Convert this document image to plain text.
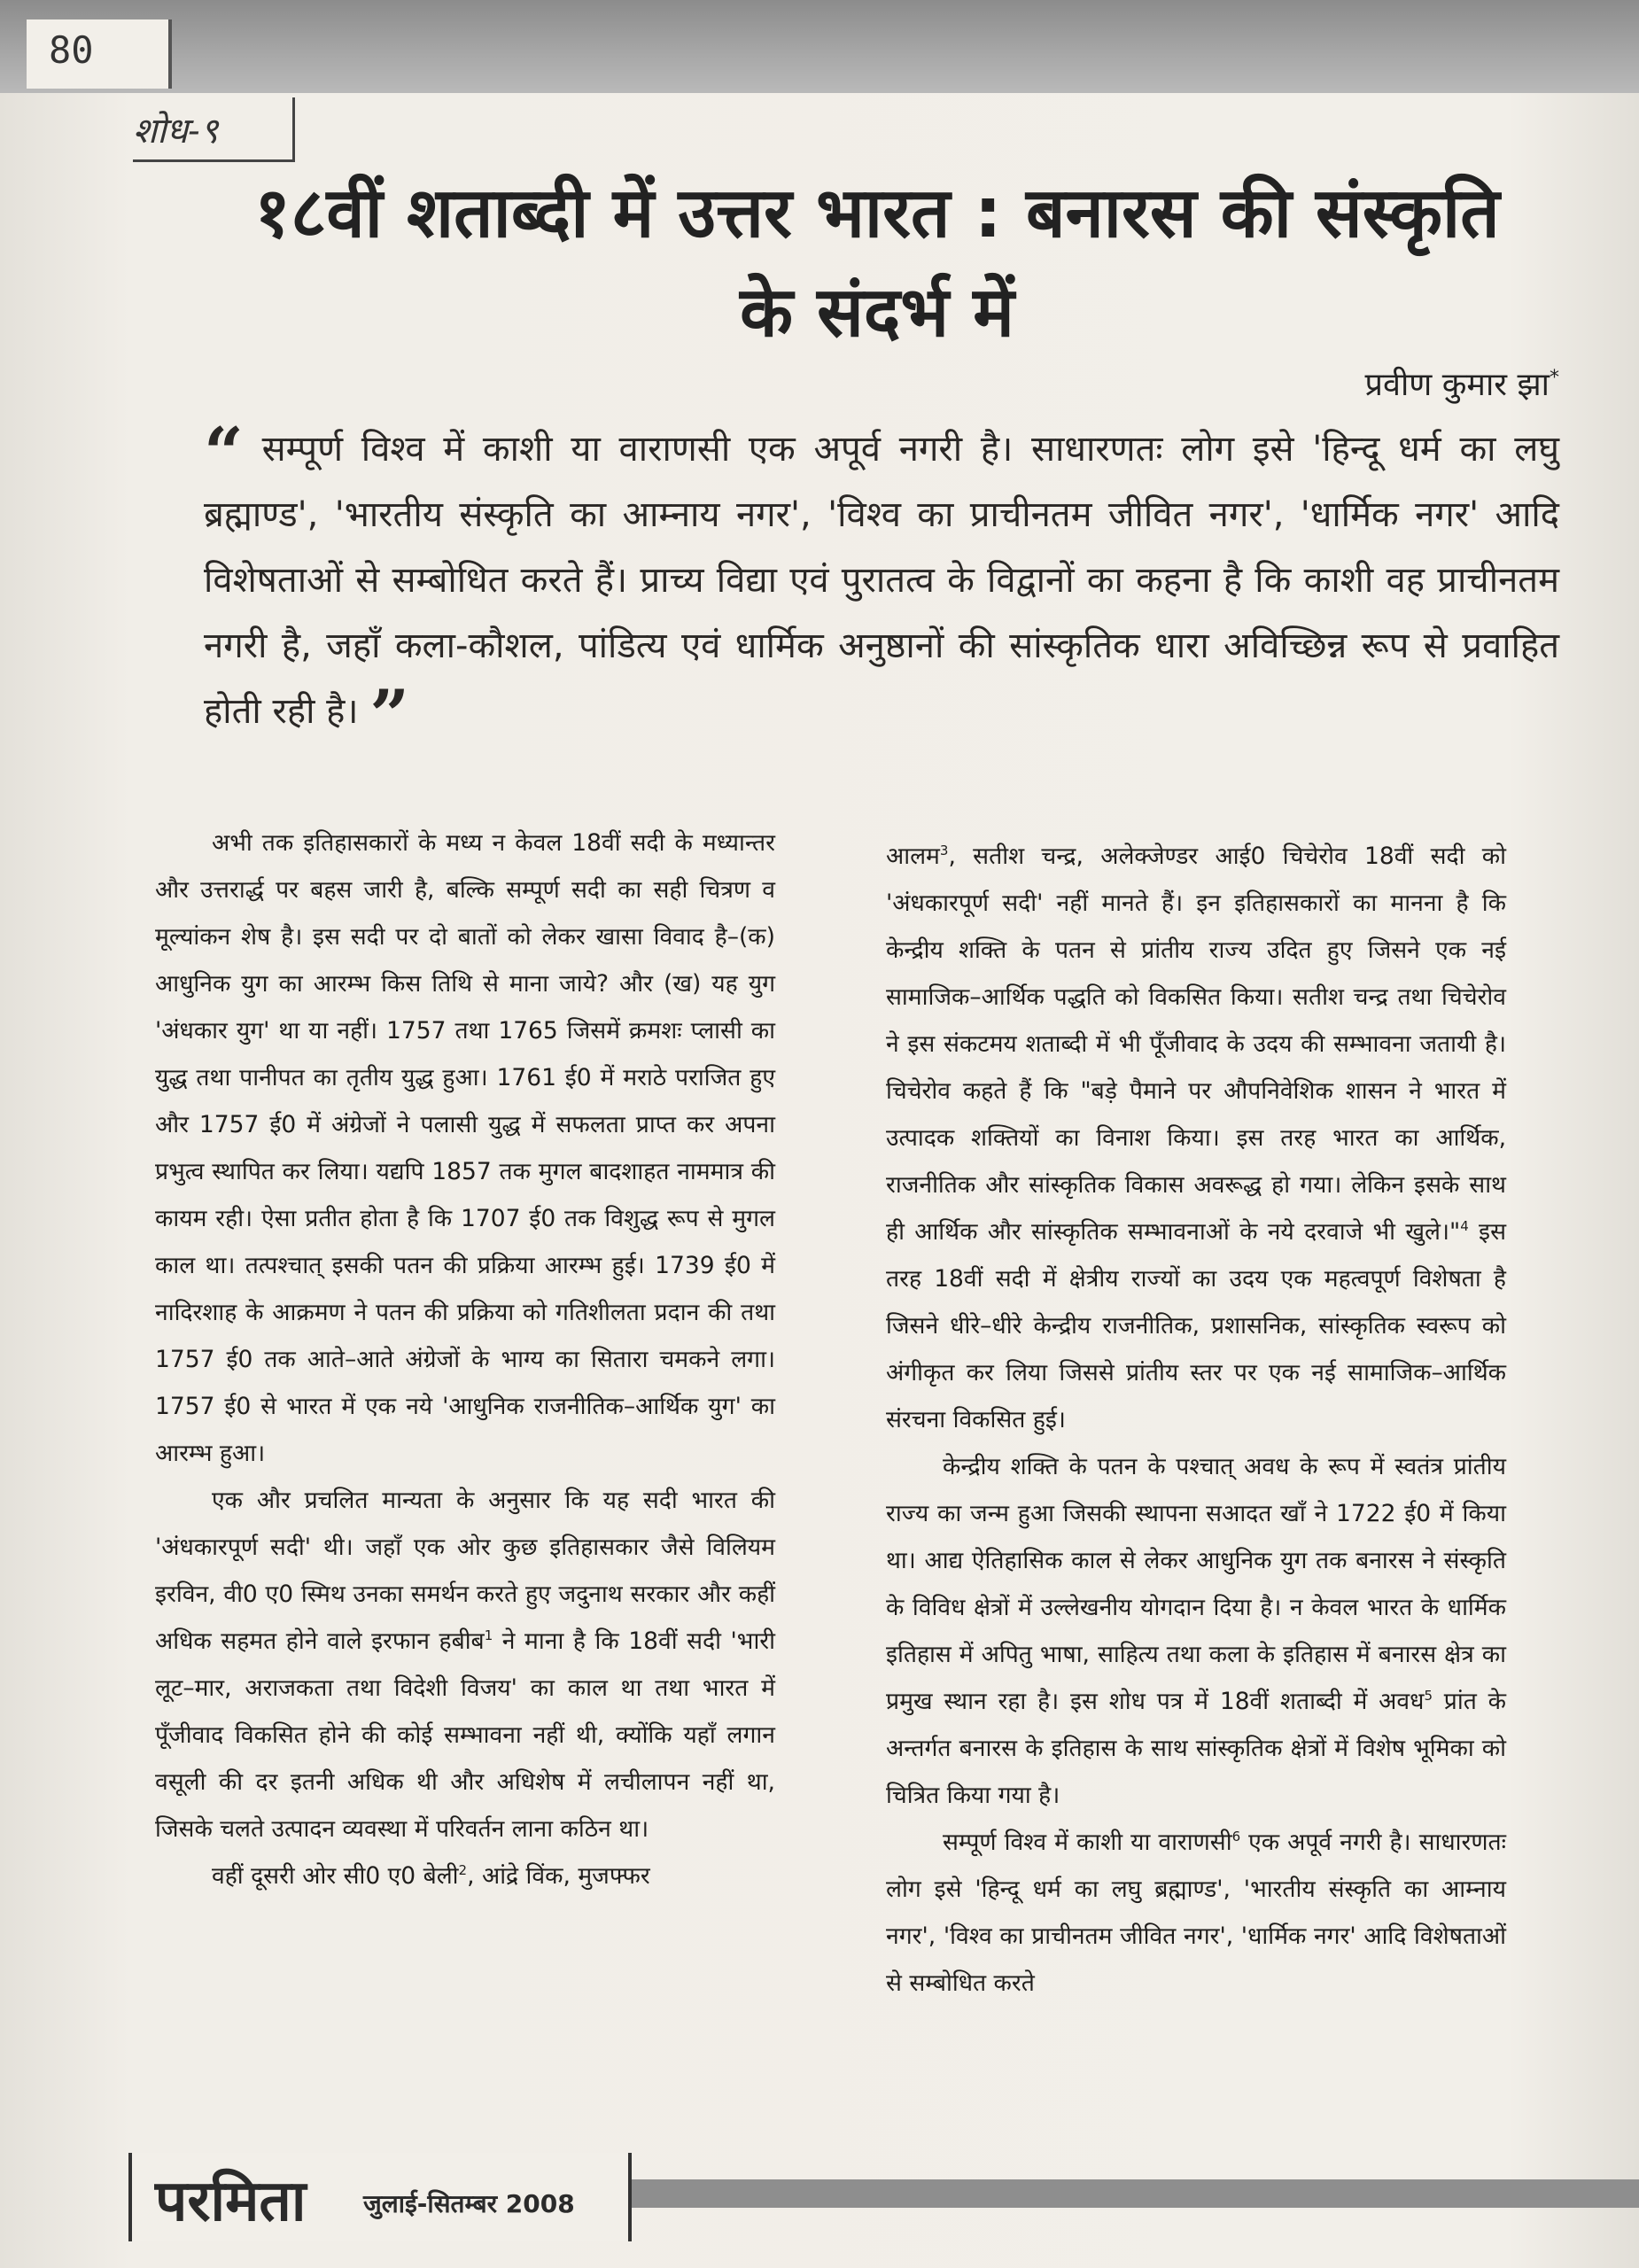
80
शोध-९
१८वीं शताब्दी में उत्तर भारत : बनारस की संस्कृति के संदर्भ में
प्रवीण कुमार झा*
“ सम्पूर्ण विश्व में काशी या वाराणसी एक अपूर्व नगरी है। साधारणतः लोग इसे 'हिन्दू धर्म का लघु ब्रह्माण्ड', 'भारतीय संस्कृति का आम्नाय नगर', 'विश्व का प्राचीनतम जीवित नगर', 'धार्मिक नगर' आदि विशेषताओं से सम्बोधित करते हैं। प्राच्य विद्या एवं पुरातत्व के विद्वानों का कहना है कि काशी वह प्राचीनतम नगरी है, जहाँ कला-कौशल, पांडित्य एवं धार्मिक अनुष्ठानों की सांस्कृतिक धारा अविच्छिन्न रूप से प्रवाहित होती रही है। ”

अभी तक इतिहासकारों के मध्य न केवल 18वीं सदी के मध्यान्तर और उत्तरार्द्ध पर बहस जारी है, बल्कि सम्पूर्ण सदी का सही चित्रण व मूल्यांकन शेष है। इस सदी पर दो बातों को लेकर खासा विवाद है–(क) आधुनिक युग का आरम्भ किस तिथि से माना जाये? और (ख) यह युग 'अंधकार युग' था या नहीं। 1757 तथा 1765 जिसमें क्रमशः प्लासी का युद्ध तथा पानीपत का तृतीय युद्ध हुआ। 1761 ई0 में मराठे पराजित हुए और 1757 ई0 में अंग्रेजों ने पलासी युद्ध में सफलता प्राप्त कर अपना प्रभुत्व स्थापित कर लिया। यद्यपि 1857 तक मुगल बादशाहत नाममात्र की कायम रही। ऐसा प्रतीत होता है कि 1707 ई0 तक विशुद्ध रूप से मुगल काल था। तत्पश्चात् इसकी पतन की प्रक्रिया आरम्भ हुई। 1739 ई0 में नादिरशाह के आक्रमण ने पतन की प्रक्रिया को गतिशीलता प्रदान की तथा 1757 ई0 तक आते–आते अंग्रेजों के भाग्य का सितारा चमकने लगा। 1757 ई0 से भारत में एक नये 'आधुनिक राजनीतिक–आर्थिक युग' का आरम्भ हुआ।

एक और प्रचलित मान्यता के अनुसार कि यह सदी भारत की 'अंधकारपूर्ण सदी' थी। जहाँ एक ओर कुछ इतिहासकार जैसे विलियम इरविन, वी0 ए0 स्मिथ उनका समर्थन करते हुए जदुनाथ सरकार और कहीं अधिक सहमत होने वाले इरफान हबीब$^1$ ने माना है कि 18वीं सदी 'भारी लूट–मार, अराजकता तथा विदेशी विजय' का काल था तथा भारत में पूँजीवाद विकसित होने की कोई सम्भावना नहीं थी, क्योंकि यहाँ लगान वसूली की दर इतनी अधिक थी और अधिशेष में लचीलापन नहीं था, जिसके चलते उत्पादन व्यवस्था में परिवर्तन लाना कठिन था।

वहीं दूसरी ओर सी0 ए0 बेली$^2$, आंद्रे विंक, मुजफ्फर

आलम$^3$, सतीश चन्द्र, अलेक्जेण्डर आई0 चिचेरोव 18वीं सदी को 'अंधकारपूर्ण सदी' नहीं मानते हैं। इन इतिहासकारों का मानना है कि केन्द्रीय शक्ति के पतन से प्रांतीय राज्य उदित हुए जिसने एक नई सामाजिक–आर्थिक पद्धति को विकसित किया। सतीश चन्द्र तथा चिचेरोव ने इस संकटमय शताब्दी में भी पूँजीवाद के उदय की सम्भावना जतायी है। चिचेरोव कहते हैं कि "बड़े पैमाने पर औपनिवेशिक शासन ने भारत में उत्पादक शक्तियों का विनाश किया। इस तरह भारत का आर्थिक, राजनीतिक और सांस्कृतिक विकास अवरूद्ध हो गया। लेकिन इसके साथ ही आर्थिक और सांस्कृतिक सम्भावनाओं के नये दरवाजे भी खुले।"$^4$ इस तरह 18वीं सदी में क्षेत्रीय राज्यों का उदय एक महत्वपूर्ण विशेषता है जिसने धीरे–धीरे केन्द्रीय राजनीतिक, प्रशासनिक, सांस्कृतिक स्वरूप को अंगीकृत कर लिया जिससे प्रांतीय स्तर पर एक नई सामाजिक–आर्थिक संरचना विकसित हुई।

केन्द्रीय शक्ति के पतन के पश्चात् अवध के रूप में स्वतंत्र प्रांतीय राज्य का जन्म हुआ जिसकी स्थापना सआदत खाँ ने 1722 ई0 में किया था। आद्य ऐतिहासिक काल से लेकर आधुनिक युग तक बनारस ने संस्कृति के विविध क्षेत्रों में उल्लेखनीय योगदान दिया है। न केवल भारत के धार्मिक इतिहास में अपितु भाषा, साहित्य तथा कला के इतिहास में बनारस क्षेत्र का प्रमुख स्थान रहा है। इस शोध पत्र में 18वीं शताब्दी में अवध$^5$ प्रांत के अन्तर्गत बनारस के इतिहास के साथ सांस्कृतिक क्षेत्रों में विशेष भूमिका को चित्रित किया गया है।

सम्पूर्ण विश्व में काशी या वाराणसी$^6$ एक अपूर्व नगरी है। साधारणतः लोग इसे 'हिन्दू धर्म का लघु ब्रह्माण्ड', 'भारतीय संस्कृति का आम्नाय नगर', 'विश्व का प्राचीनतम जीवित नगर', 'धार्मिक नगर' आदि विशेषताओं से सम्बोधित करते

परमिता जुलाई-सितम्बर 2008
